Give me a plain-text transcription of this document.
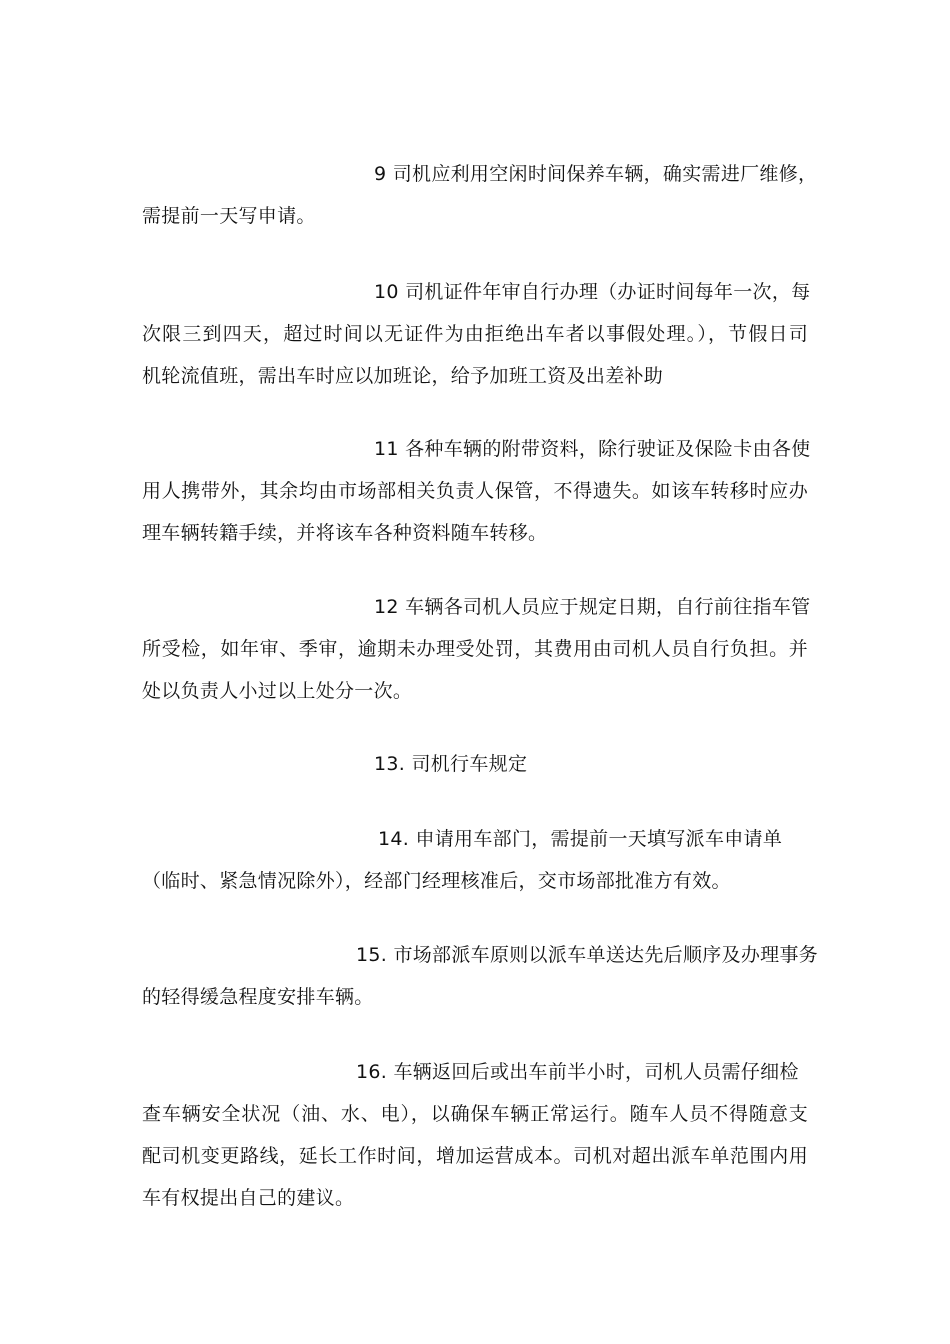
9 司机应利用空闲时间保养车辆，确实需进厂维修，
需提前一天写申请。
10 司机证件年审自行办理（办证时间每年一次，每
次限三到四天，超过时间以无证件为由拒绝出车者以事假处理。），节假日司
机轮流值班，需出车时应以加班论，给予加班工资及出差补助
11 各种车辆的附带资料，除行驶证及保险卡由各使
用人携带外，其余均由市场部相关负责人保管，不得遗失。如该车转移时应办
理车辆转籍手续，并将该车各种资料随车转移。
12 车辆各司机人员应于规定日期，自行前往指车管
所受检，如年审、季审，逾期未办理受处罚，其费用由司机人员自行负担。并
处以负责人小过以上处分一次。
13. 司机行车规定
14. 申请用车部门，需提前一天填写派车申请单
（临时、紧急情况除外），经部门经理核准后，交市场部批准方有效。
15. 市场部派车原则以派车单送达先后顺序及办理事务
的轻得缓急程度安排车辆。
16. 车辆返回后或出车前半小时，司机人员需仔细检
查车辆安全状况（油、水、电），以确保车辆正常运行。随车人员不得随意支
配司机变更路线，延长工作时间，增加运营成本。司机对超出派车单范围内用
车有权提出自己的建议。
